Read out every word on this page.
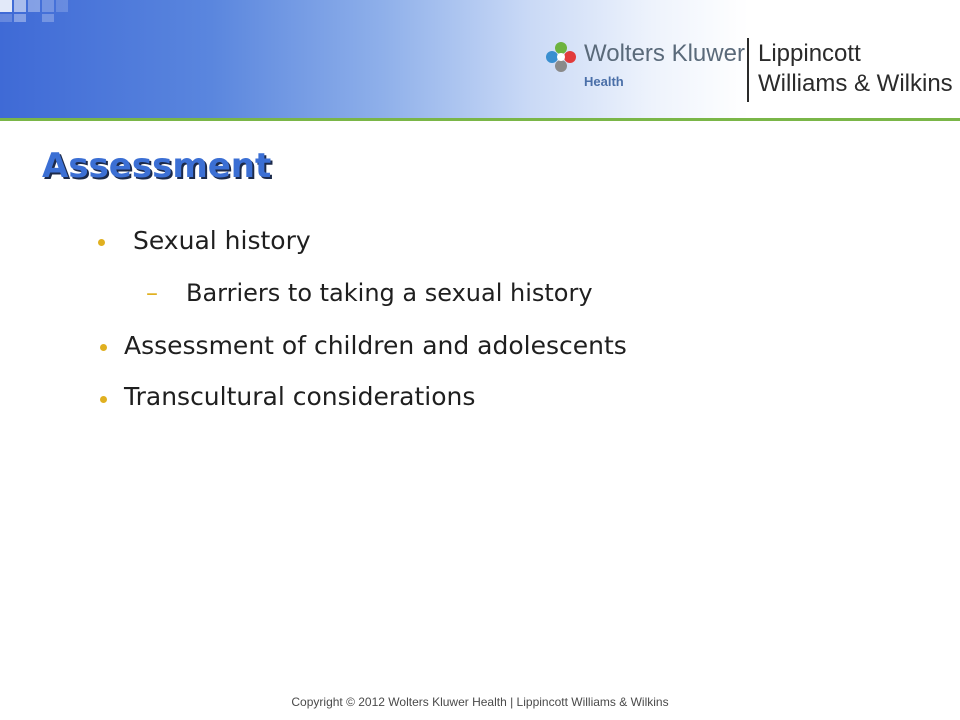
Wolters Kluwer
Health
Lippincott
Williams & Wilkins
Assessment
Sexual history
– Barriers to taking a sexual history
Assessment of children and adolescents
Transcultural considerations
Copyright © 2012 Wolters Kluwer Health | Lippincott Williams & Wilkins
